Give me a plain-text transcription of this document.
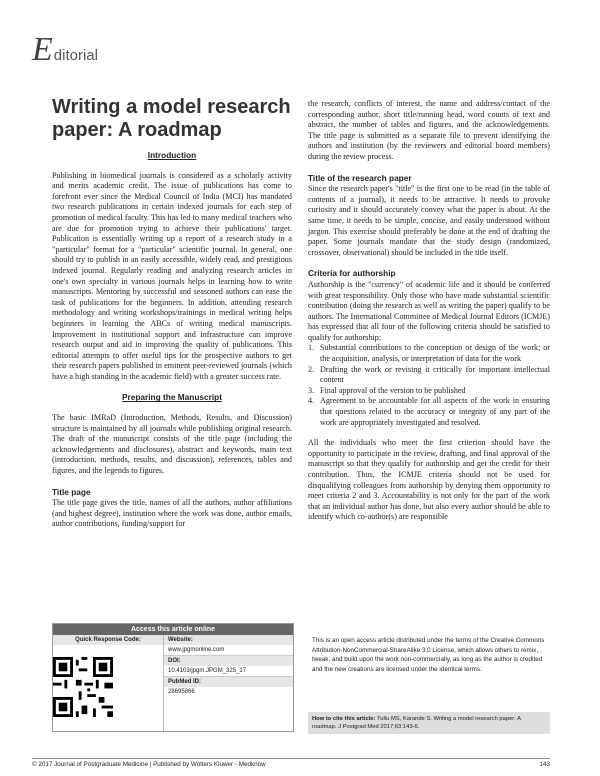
E ditorial
Writing a model research paper: A roadmap
Introduction

Publishing in biomedical journals is considered as a scholarly activity and merits academic credit. The issue of publications has come to forefront ever since the Medical Council of India (MCI) has mandated two research publications in certain indexed journals for each step of promotion of medical faculty. This has led to many medical teachers who are due for promotion trying to achieve their publications' target. Publication is essentially writing up a report of a research study in a "particular" format for a "particular" scientific journal. In general, one should try to publish in an easily accessible, widely read, and prestigious indexed journal. Regularly reading and analyzing research articles in one's own specialty in various journals helps in learning how to write manuscripts. Mentoring by successful and seasoned authors can ease the task of publications for the beginners. In addition, attending research methodology and writing workshops/trainings in medical writing helps beginners in learning the ABCs of writing medical manuscripts. Improvement in institutional support and infrastructure can improve research output and aid in improving the quality of publications. This editorial attempts to offer useful tips for the prospective authors to get their research papers published in eminent peer-reviewed journals (which have a high standing in the academic field) with a greater success rate.

Preparing the Manuscript

The basic IMRaD (Introduction, Methods, Results, and Discussion) structure is maintained by all journals while publishing original research. The draft of the manuscript consists of the title page (including the acknowledgements and disclosures), abstract and keywords, main text (introduction, methods, results, and discussion), references, tables and figures, and the legends to figures.

Title page

The title page gives the title, names of all the authors, author affiliations (and highest degree), institution where the work was done, author emails, author contributions, funding/support for

the research, conflicts of interest, the name and address/contact of the corresponding author, short title/running head, word counts of text and abstract, the number of tables and figures, and the acknowledgements. The title page is submitted as a separate file to prevent identifying the authors and institution (by the reviewers and editorial board members) during the review process.

Title of the research paper

Since the research paper's "title" is the first one to be read (in the table of contents of a journal), it needs to be attractive. It needs to provoke curiosity and it should accurately convey what the paper is about. At the same time, it needs to be simple, concise, and easily understood without jargon. This exercise should preferably be done at the end of drafting the paper. Some journals mandate that the study design (randomized, crossover, observational) should be included in the title itself.

Criteria for authorship

Authorship is the "currency" of academic life and it should be conferred with great responsibility. Only those who have made substantial scientific contribution (doing the research as well as writing the paper) qualify to be authors. The International Committee of Medical Journal Editors (ICMJE) has expressed that all four of the following criteria should be satisfied to qualify for authorship:

1. Substantial contributions to the conception or design of the work; or the acquisition, analysis, or interpretation of data for the work
2. Drafting the work or revising it critically for important intellectual content
3. Final approval of the version to be published
4. Agreement to be accountable for all aspects of the work in ensuring that questions related to the accuracy or integrity of any part of the work are appropriately investigated and resolved.

All the individuals who meet the first criterion should have the opportunity to participate in the review, drafting, and final approval of the manuscript so that they qualify for authorship and get the credit for their contribution. Thus, the ICMJE criteria should not be used for disqualifying colleagues from authorship by denying them opportunity to meet criteria 2 and 3. Accountability is not only for the part of the work that an individual author has done, but also every author should be able to identify which co-author(s) are responsible

Access this article online
Quick Response Code:	Website:
www.jpgmonline.com
DOI:
10.4103/jpgm.JPGM_325_17
PubMed ID:
28695866
This is an open access article distributed under the terms of the Creative Commons Attribution-NonCommercial-ShareAlike 3.0 License, which allows others to remix, tweak, and build upon the work non-commercially, as long as the author is credited and the new creations are licensed under the identical terms.
How to cite this article: Tullu MS, Karande S. Writing a model research paper: A roadmap. J Postgrad Med 2017;63:143-6.
© 2017 Journal of Postgraduate Medicine | Published by Wolters Kluwer - Medknow	143
